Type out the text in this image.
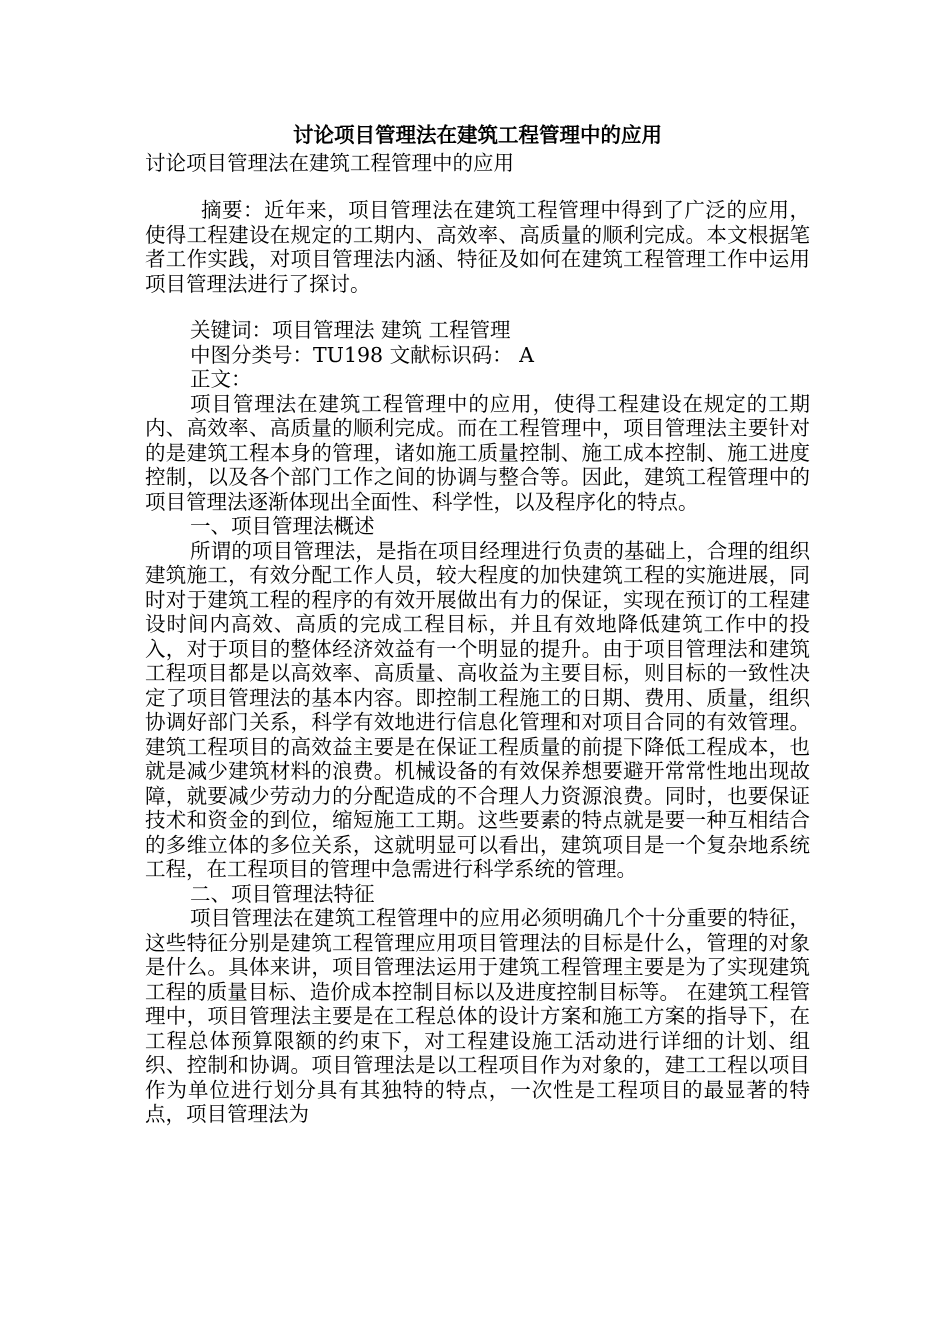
讨论项目管理法在建筑工程管理中的应用

讨论项目管理法在建筑工程管理中的应用

摘要：近年来，项目管理法在建筑工程管理中得到了广泛的应用，使得工程建设在规定的工期内、高效率、高质量的顺利完成。本文根据笔者工作实践，对项目管理法内涵、特征及如何在建筑工程管理工作中运用项目管理法进行了探讨。

关键词：项目管理法 建筑 工程管理

中图分类号：TU198 文献标识码： A

正文：

项目管理法在建筑工程管理中的应用，使得工程建设在规定的工期内、高效率、高质量的顺利完成。而在工程管理中，项目管理法主要针对的是建筑工程本身的管理，诸如施工质量控制、施工成本控制、施工进度控制，以及各个部门工作之间的协调与整合等。因此，建筑工程管理中的项目管理法逐渐体现出全面性、科学性，以及程序化的特点。

一、项目管理法概述

所谓的项目管理法，是指在项目经理进行负责的基础上，合理的组织建筑施工，有效分配工作人员，较大程度的加快建筑工程的实施进展，同时对于建筑工程的程序的有效开展做出有力的保证，实现在预订的工程建设时间内高效、高质的完成工程目标，并且有效地降低建筑工作中的投入，对于项目的整体经济效益有一个明显的提升。由于项目管理法和建筑工程项目都是以高效率、高质量、高收益为主要目标，则目标的一致性决定了项目管理法的基本内容。即控制工程施工的日期、费用、质量，组织协调好部门关系，科学有效地进行信息化管理和对项目合同的有效管理。建筑工程项目的高效益主要是在保证工程质量的前提下降低工程成本，也就是减少建筑材料的浪费。机械设备的有效保养想要避开常常性地出现故障，就要减少劳动力的分配造成的不合理人力资源浪费。同时，也要保证技术和资金的到位，缩短施工工期。这些要素的特点就是要一种互相结合的多维立体的多位关系，这就明显可以看出，建筑项目是一个复杂地系统工程，在工程项目的管理中急需进行科学系统的管理。

二、项目管理法特征

项目管理法在建筑工程管理中的应用必须明确几个十分重要的特征，这些特征分别是建筑工程管理应用项目管理法的目标是什么，管理的对象是什么。具体来讲，项目管理法运用于建筑工程管理主要是为了实现建筑工程的质量目标、造价成本控制目标以及进度控制目标等。 在建筑工程管理中，项目管理法主要是在工程总体的设计方案和施工方案的指导下，在工程总体预算限额的约束下，对工程建设施工活动进行详细的计划、组织、控制和协调。项目管理法是以工程项目作为对象的，建工工程以项目作为单位进行划分具有其独特的特点，一次性是工程项目的最显著的特点，项目管理法为
